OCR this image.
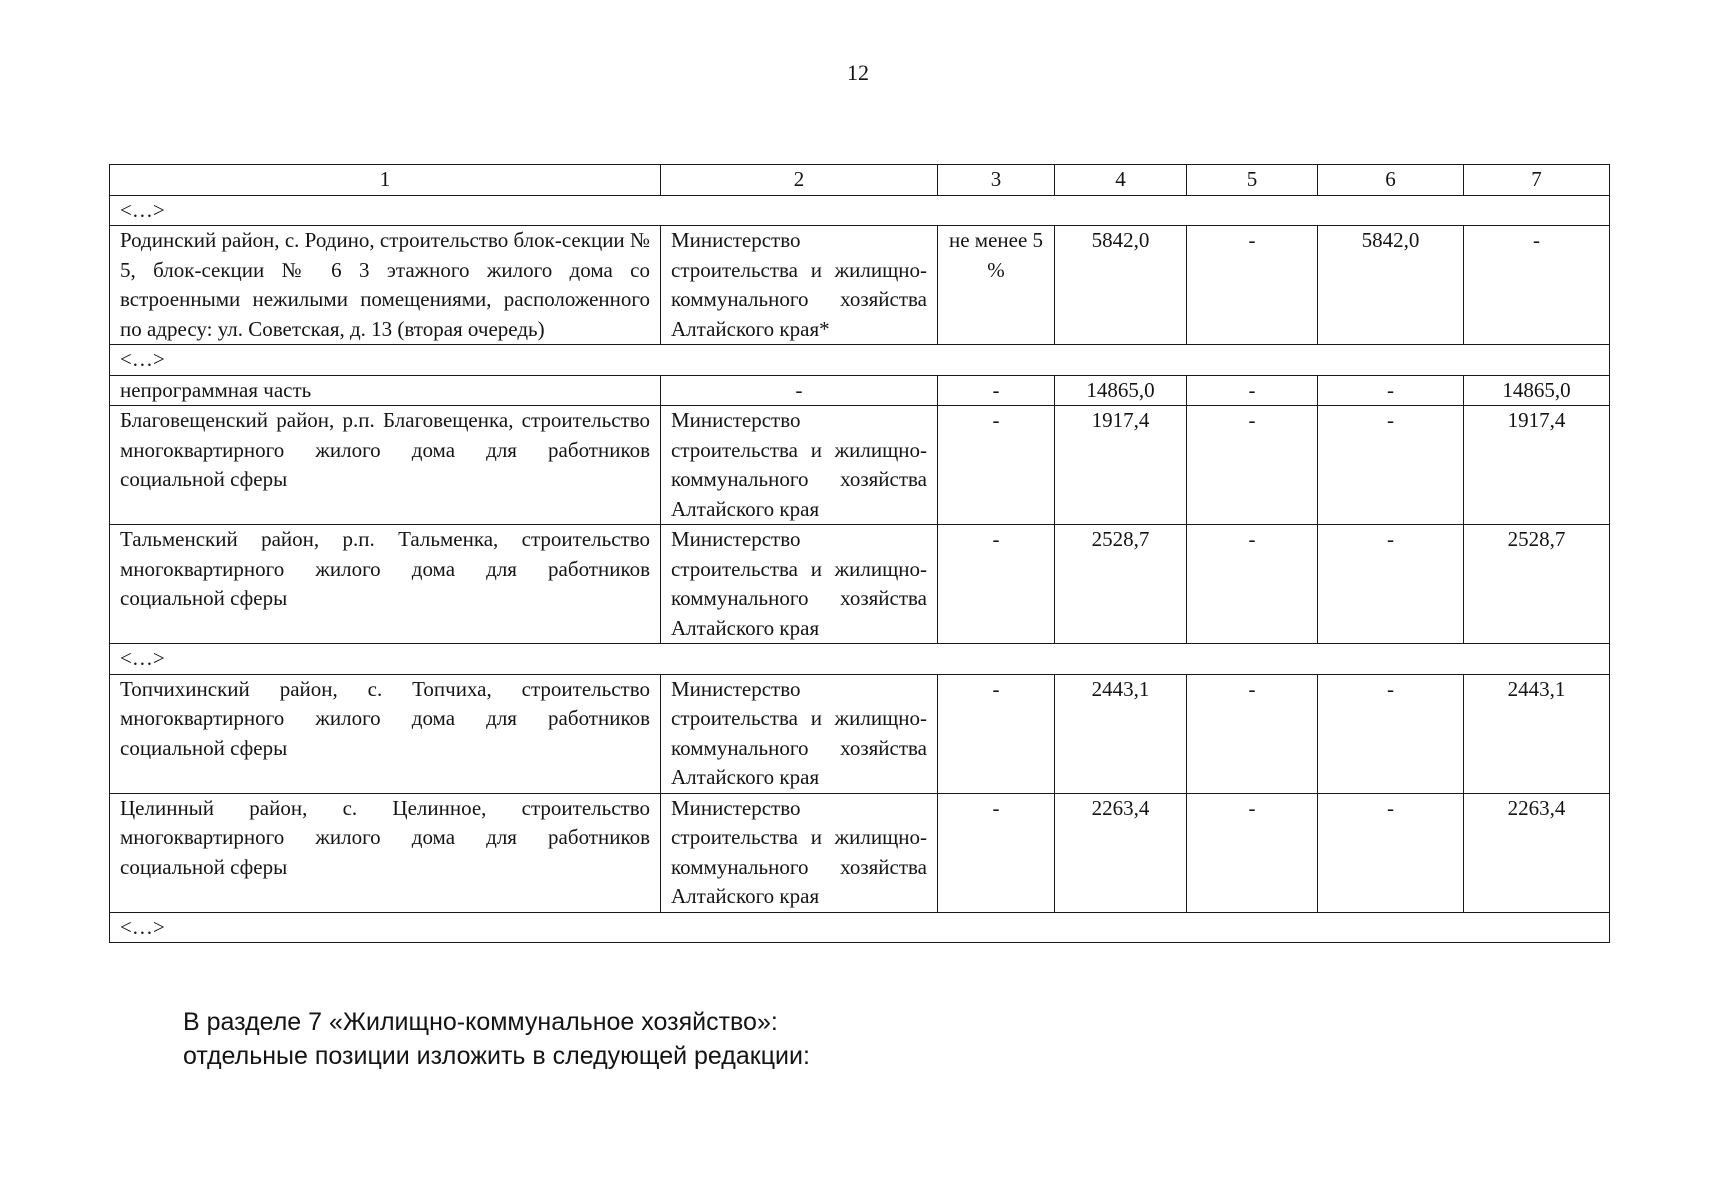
12
1	2	3	4	5	6	7
<…>						
Родинский район, с. Родино, строительство блок-секции № 5, блок-секции № 6 3 этажного жилого дома со встроенными нежилыми помещениями, расположенного по адресу: ул. Советская, д. 13 (вторая очередь)	Министерство строительства и жилищно-коммунального хозяйства Алтайского края*	не менее 5 %	5842,0	-	5842,0	-
<…>						
непрограммная часть	-	-	14865,0	-	-	14865,0
Благовещенский район, р.п. Благовещенка, строительство многоквартирного жилого дома для работников социальной сферы	Министерство строительства и жилищно-коммунального хозяйства Алтайского края	-	1917,4	-	-	1917,4
Тальменский район, р.п. Тальменка, строительство многоквартирного жилого дома для работников социальной сферы	Министерство строительства и жилищно-коммунального хозяйства Алтайского края	-	2528,7	-	-	2528,7
<…>						
Топчихинский район, с. Топчиха, строительство многоквартирного жилого дома для работников социальной сферы	Министерство строительства и жилищно-коммунального хозяйства Алтайского края	-	2443,1	-	-	2443,1
Целинный район, с. Целинное, строительство многоквартирного жилого дома для работников социальной сферы	Министерство строительства и жилищно-коммунального хозяйства Алтайского края	-	2263,4	-	-	2263,4
<…>						
В разделе 7 «Жилищно-коммунальное хозяйство»:
отдельные позиции изложить в следующей редакции:
